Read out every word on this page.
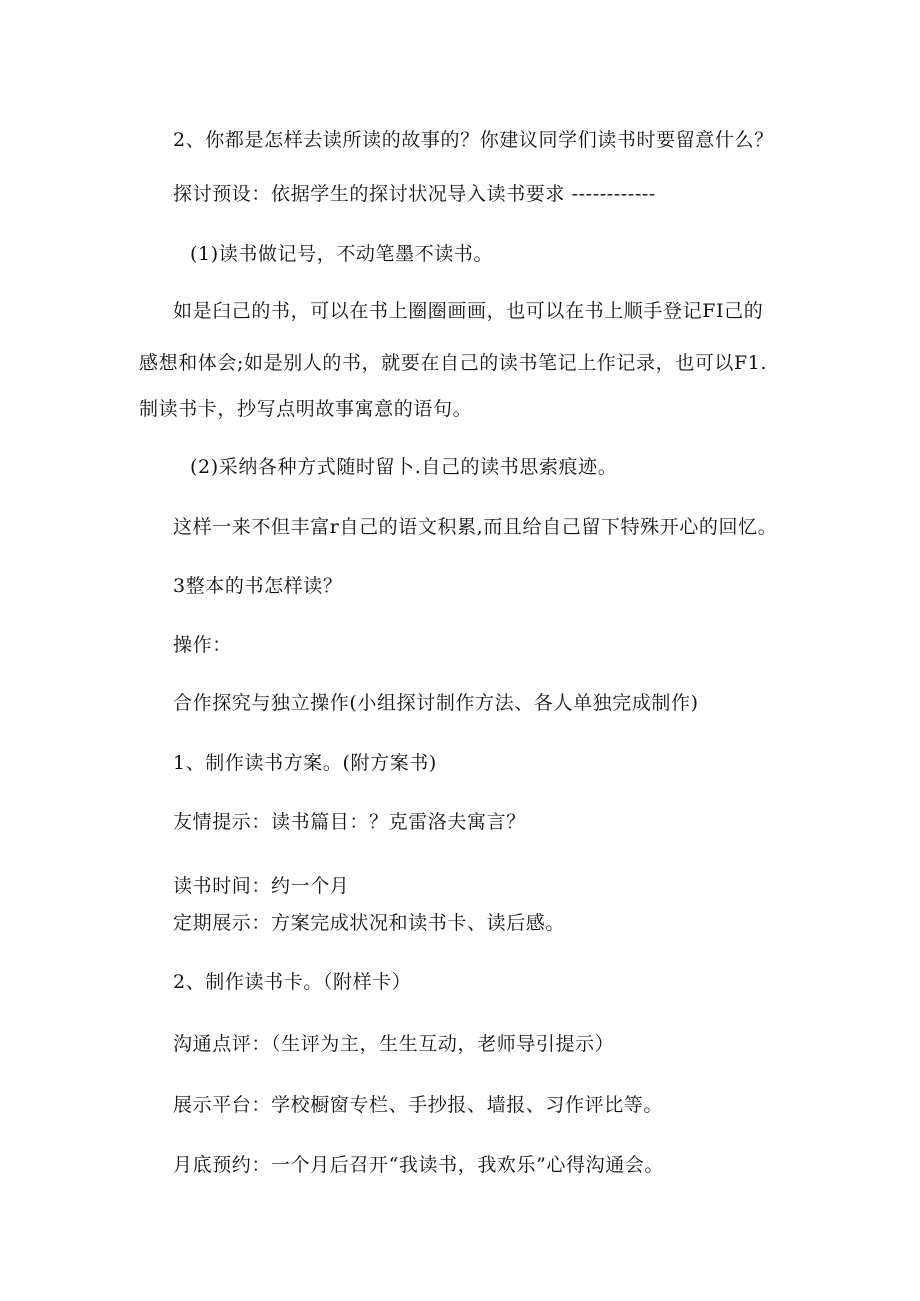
2、你都是怎样去读所读的故事的？你建议同学们读书时要留意什么？
探讨预设：依据学生的探讨状况导入读书要求 ------------
(1)读书做记号，不动笔墨不读书。
如是臼己的书，可以在书上圈圈画画，也可以在书上顺手登记FI己的
感想和体会;如是别人的书，就要在自己的读书笔记上作记录，也可以F1.
制读书卡，抄写点明故事寓意的语句。
(2)采纳各种方式随时留卜.自己的读书思索痕迹。
这样一来不但丰富r自己的语文积累,而且给自己留下特殊开心的回忆。
3整本的书怎样读？
操作：
合作探究与独立操作(小组探讨制作方法、各人单独完成制作)
1、制作读书方案。(附方案书)
友情提示：读书篇目：？克雷洛夫寓言？
读书时间：约一个月
定期展示：方案完成状况和读书卡、读后感。
2、制作读书卡。（附样卡）
沟通点评：（生评为主，生生互动，老师导引提示）
展示平台：学校橱窗专栏、手抄报、墙报、习作评比等。
月底预约：一个月后召开“我读书，我欢乐”心得沟通会。
